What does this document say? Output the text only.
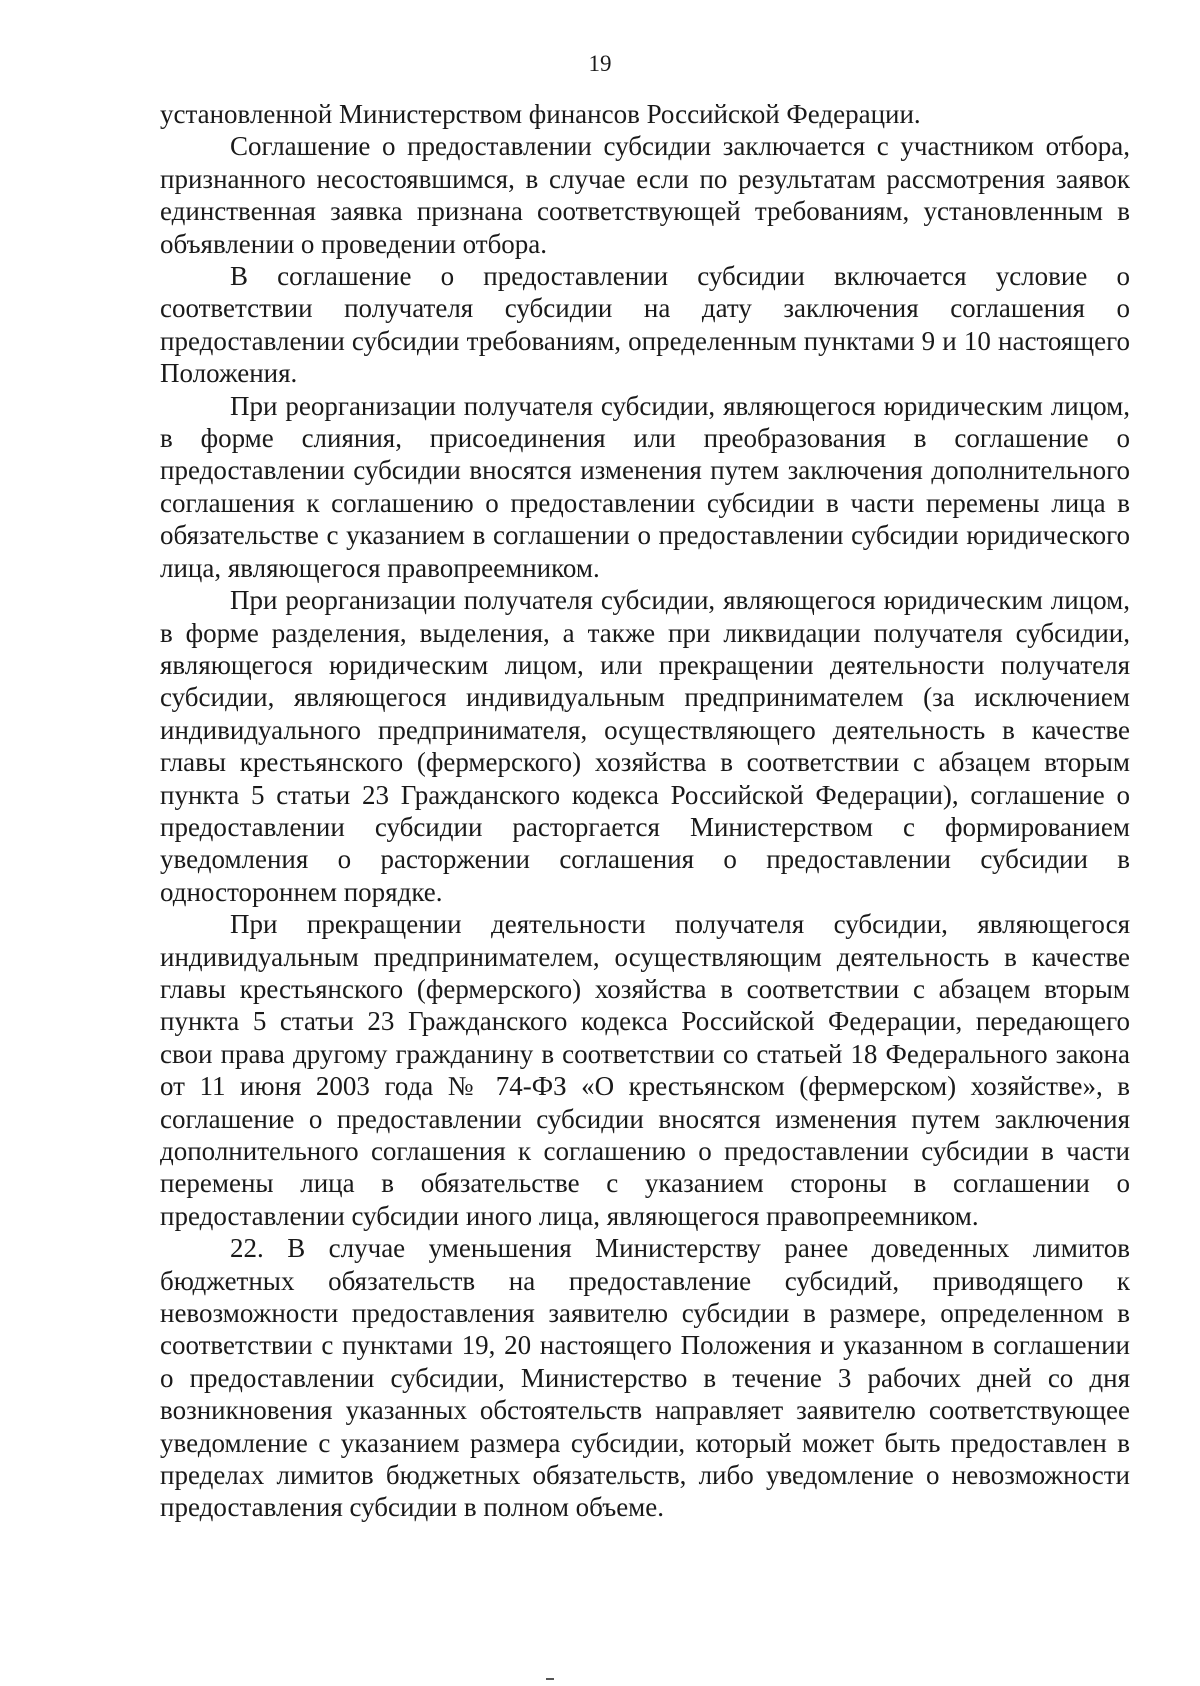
19

установленной Министерством финансов Российской Федерации.

Соглашение о предоставлении субсидии заключается с участником отбора, признанного несостоявшимся, в случае если по результатам рассмотрения заявок единственная заявка признана соответствующей требованиям, установленным в объявлении о проведении отбора.

В соглашение о предоставлении субсидии включается условие о соответствии получателя субсидии на дату заключения соглашения о предоставлении субсидии требованиям, определенным пунктами 9 и 10 настоящего Положения.

При реорганизации получателя субсидии, являющегося юридическим лицом, в форме слияния, присоединения или преобразования в соглашение о предоставлении субсидии вносятся изменения путем заключения дополнительного соглашения к соглашению о предоставлении субсидии в части перемены лица в обязательстве с указанием в соглашении о предоставлении субсидии юридического лица, являющегося правопреемником.

При реорганизации получателя субсидии, являющегося юридическим лицом, в форме разделения, выделения, а также при ликвидации получателя субсидии, являющегося юридическим лицом, или прекращении деятельности получателя субсидии, являющегося индивидуальным предпринимателем (за исключением индивидуального предпринимателя, осуществляющего деятельность в качестве главы крестьянского (фермерского) хозяйства в соответствии с абзацем вторым пункта 5 статьи 23 Гражданского кодекса Российской Федерации), соглашение о предоставлении субсидии расторгается Министерством с формированием уведомления о расторжении соглашения о предоставлении субсидии в одностороннем порядке.

При прекращении деятельности получателя субсидии, являющегося индивидуальным предпринимателем, осуществляющим деятельность в качестве главы крестьянского (фермерского) хозяйства в соответствии с абзацем вторым пункта 5 статьи 23 Гражданского кодекса Российской Федерации, передающего свои права другому гражданину в соответствии со статьей 18 Федерального закона от 11 июня 2003 года № 74-ФЗ «О крестьянском (фермерском) хозяйстве», в соглашение о предоставлении субсидии вносятся изменения путем заключения дополнительного соглашения к соглашению о предоставлении субсидии в части перемены лица в обязательстве с указанием стороны в соглашении о предоставлении субсидии иного лица, являющегося правопреемником.

22. В случае уменьшения Министерству ранее доведенных лимитов бюджетных обязательств на предоставление субсидий, приводящего к невозможности предоставления заявителю субсидии в размере, определенном в соответствии с пунктами 19, 20 настоящего Положения и указанном в соглашении о предоставлении субсидии, Министерство в течение 3 рабочих дней со дня возникновения указанных обстоятельств направляет заявителю соответствующее уведомление с указанием размера субсидии, который может быть предоставлен в пределах лимитов бюджетных обязательств, либо уведомление о невозможности предоставления субсидии в полном объеме.
